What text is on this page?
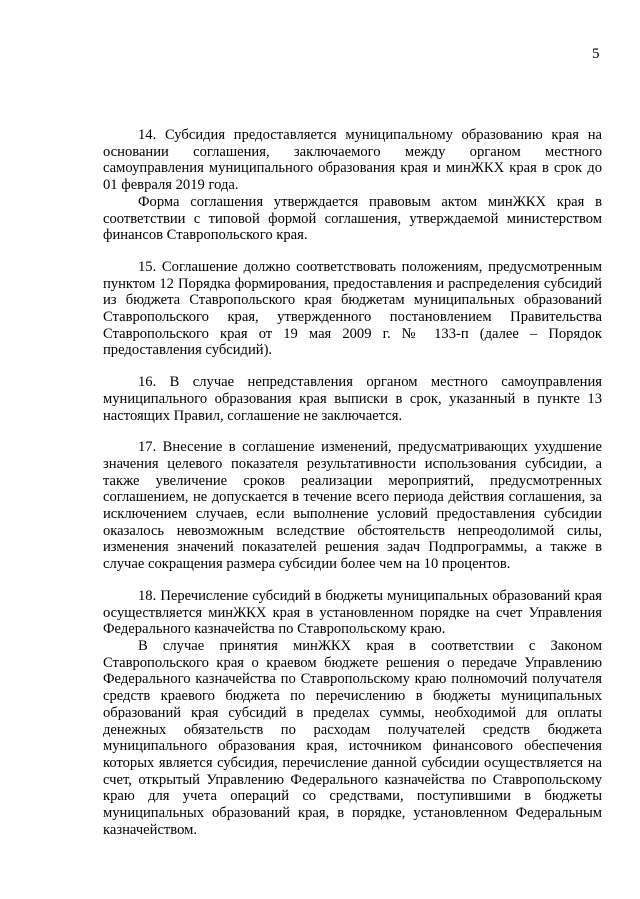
5

14. Субсидия предоставляется муниципальному образованию края на основании соглашения, заключаемого между органом местного самоуправления муниципального образования края и минЖКХ края в срок до 01 февраля 2019 года.

Форма соглашения утверждается правовым актом минЖКХ края в соответствии с типовой формой соглашения, утверждаемой министерством финансов Ставропольского края.

15. Соглашение должно соответствовать положениям, предусмотренным пунктом 12 Порядка формирования, предоставления и распределения субсидий из бюджета Ставропольского края бюджетам муниципальных образований Ставропольского края, утвержденного постановлением Правительства Ставропольского края от 19 мая 2009 г. № 133-п (далее – Порядок предоставления субсидий).

16. В случае непредставления органом местного самоуправления муниципального образования края выписки в срок, указанный в пункте 13 настоящих Правил, соглашение не заключается.

17. Внесение в соглашение изменений, предусматривающих ухудшение значения целевого показателя результативности использования субсидии, а также увеличение сроков реализации мероприятий, предусмотренных соглашением, не допускается в течение всего периода действия соглашения, за исключением случаев, если выполнение условий предоставления субсидии оказалось невозможным вследствие обстоятельств непреодолимой силы, изменения значений показателей решения задач Подпрограммы, а также в случае сокращения размера субсидии более чем на 10 процентов.

18. Перечисление субсидий в бюджеты муниципальных образований края осуществляется минЖКХ края в установленном порядке на счет Управления Федерального казначейства по Ставропольскому краю.

В случае принятия минЖКХ края в соответствии с Законом Ставропольского края о краевом бюджете решения о передаче Управлению Федерального казначейства по Ставропольскому краю полномочий получателя средств краевого бюджета по перечислению в бюджеты муниципальных образований края субсидий в пределах суммы, необходимой для оплаты денежных обязательств по расходам получателей средств бюджета муниципального образования края, источником финансового обеспечения которых является субсидия, перечисление данной субсидии осуществляется на счет, открытый Управлению Федерального казначейства по Ставропольскому краю для учета операций со средствами, поступившими в бюджеты муниципальных образований края, в порядке, установленном Федеральным казначейством.
